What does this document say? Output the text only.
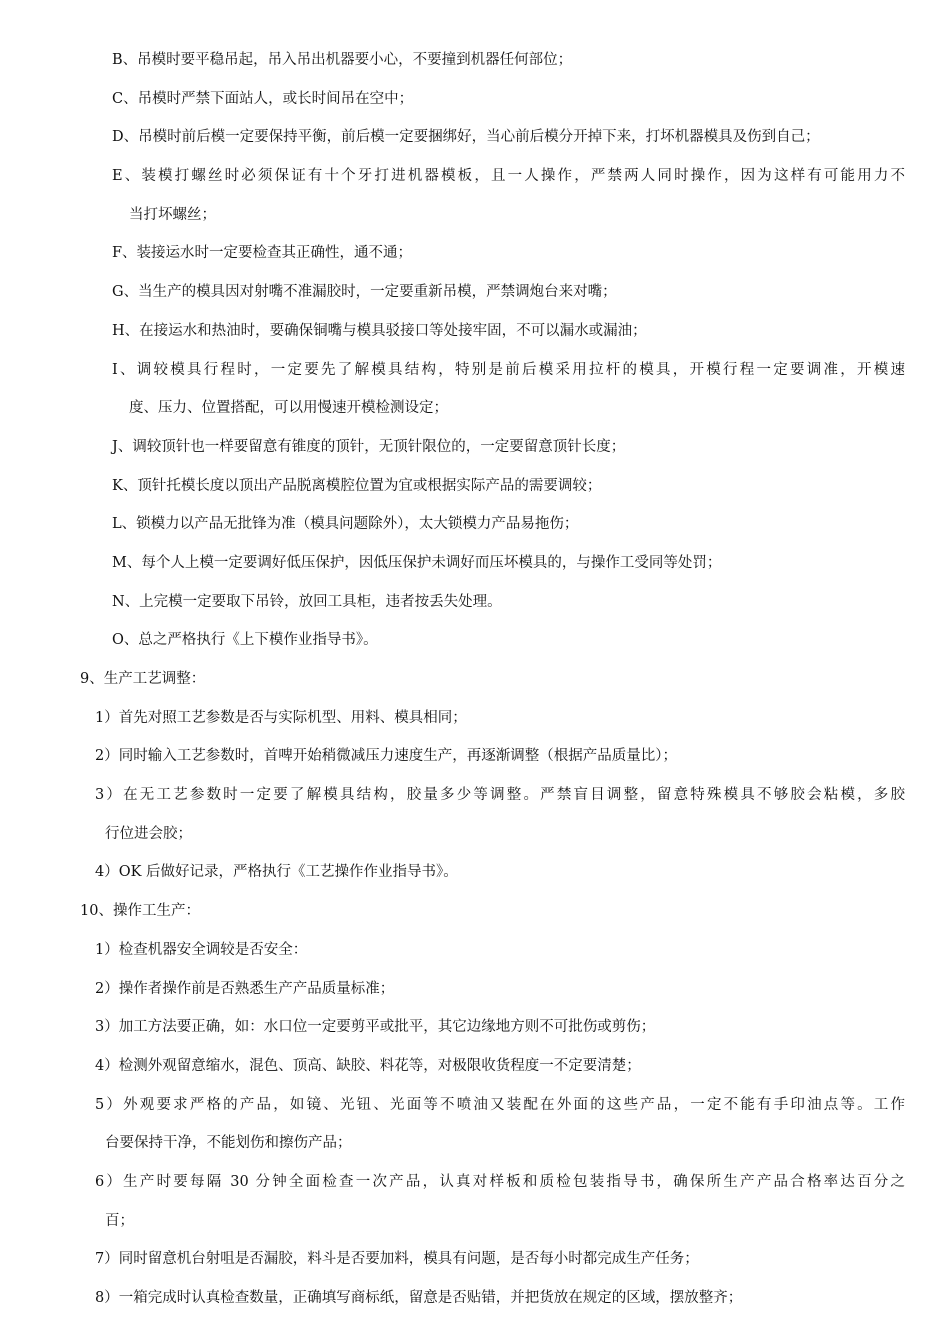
B、吊模时要平稳吊起，吊入吊出机器要小心，不要撞到机器任何部位；
C、吊模时严禁下面站人，或长时间吊在空中；
D、吊模时前后模一定要保持平衡，前后模一定要捆绑好，当心前后模分开掉下来，打坏机器模具及伤到自己；
E、装模打螺丝时必须保证有十个牙打进机器模板，且一人操作，严禁两人同时操作，因为这样有可能用力不
当打坏螺丝；
F、装接运水时一定要检查其正确性，通不通；
G、当生产的模具因对射嘴不准漏胶时，一定要重新吊模，严禁调炮台来对嘴；
H、在接运水和热油时，要确保铜嘴与模具驳接口等处接牢固，不可以漏水或漏油；
I、调较模具行程时，一定要先了解模具结构，特别是前后模采用拉杆的模具，开模行程一定要调准，开模速
度、压力、位置搭配，可以用慢速开模检测设定；
J、调较顶针也一样要留意有锥度的顶针，无顶针限位的，一定要留意顶针长度；
K、顶针托模长度以顶出产品脱离模腔位置为宜或根据实际产品的需要调较；
L、锁模力以产品无批锋为准（模具问题除外），太大锁模力产品易拖伤；
M、每个人上模一定要调好低压保护，因低压保护未调好而压坏模具的，与操作工受同等处罚；
N、上完模一定要取下吊铃，放回工具柜，违者按丢失处理。
O、总之严格执行《上下模作业指导书》。
9、生产工艺调整：
1）首先对照工艺参数是否与实际机型、用料、模具相同；
2）同时输入工艺参数时，首啤开始稍微减压力速度生产，再逐渐调整（根据产品质量比）；
3）在无工艺参数时一定要了解模具结构，胶量多少等调整。严禁盲目调整，留意特殊模具不够胶会粘模，多胶
行位进会胶；
4）OK 后做好记录，严格执行《工艺操作作业指导书》。
10、操作工生产：
1）检查机器安全调较是否安全：
2）操作者操作前是否熟悉生产产品质量标准；
3）加工方法要正确，如：水口位一定要剪平或批平，其它边缘地方则不可批伤或剪伤；
4）检测外观留意缩水，混色、顶高、缺胶、料花等，对极限收货程度一不定要清楚；
5）外观要求严格的产品，如镜、光钮、光面等不喷油又装配在外面的这些产品，一定不能有手印油点等。工作
台要保持干净，不能划伤和擦伤产品；
6）生产时要每隔 30 分钟全面检查一次产品，认真对样板和质检包装指导书，确保所生产产品合格率达百分之
百；
7）同时留意机台射咀是否漏胶，料斗是否要加料，模具有问题，是否每小时都完成生产任务；
8）一箱完成时认真检查数量，正确填写商标纸，留意是否贴错，并把货放在规定的区域，摆放整齐；
